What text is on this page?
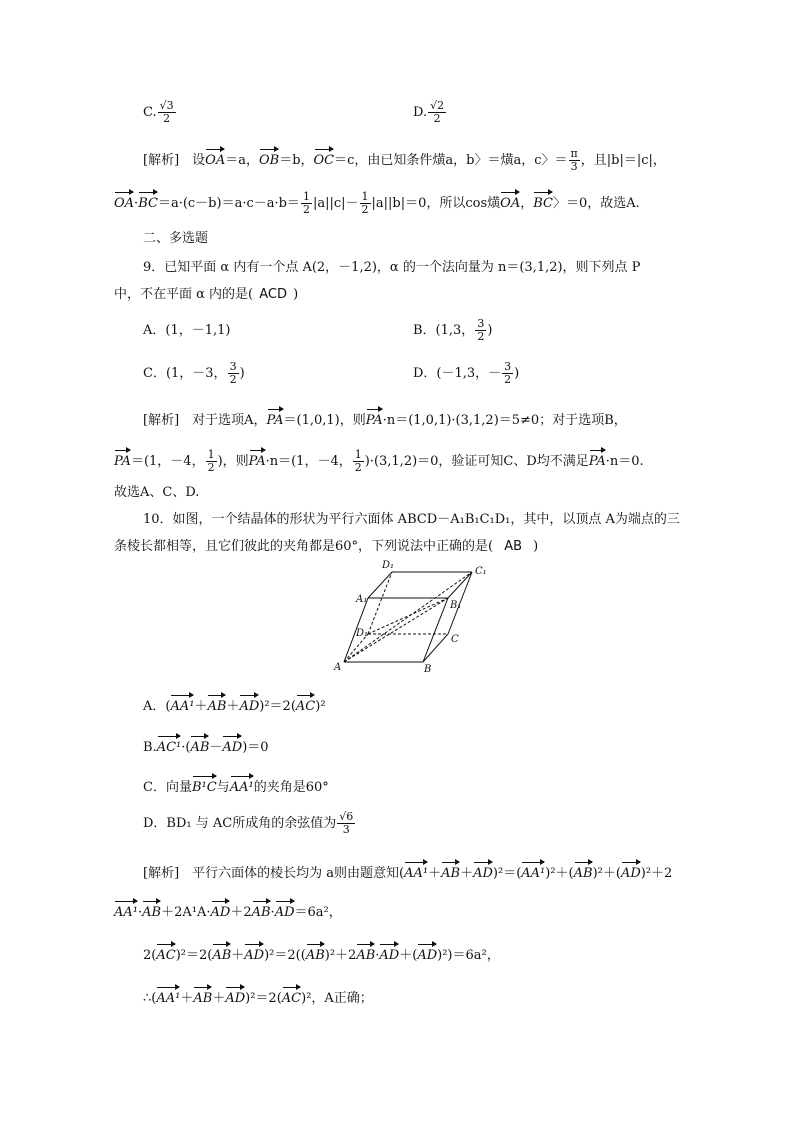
C. $\frac{√3}{2}$	D. $\frac{√2}{2}$
[解析]　设OA＝a，OB＝b，OC＝c，由已知条件熿a，b〉＝熿a，c〉＝ $\frac{\pi}{3}$ ，且|b|＝|c|，
$OA\cdot BC=a\cdot(c-b)=a\cdot c-a\cdot b= \frac{1}{2} |a||c|- \frac{1}{2} |a||b|=0$，所以cos熿OA，BC〉＝0，故选A.
二、多选题
9．已知平面 α 内有一个点 A(2，－1,2)，α 的一个法向量为 n＝(3,1,2)，则下列点 P
中，不在平面 α 内的是( ACD )
A．(1，－1,1)	B．(1,3， $\frac{3}{2}$ )
C．(1，－3， $\frac{3}{2}$ )	D．(－1,3，－ $\frac{3}{2}$ )
[解析]　对于选项A，PA＝(1,0,1)，则PA·n＝(1,0,1)·(3,1,2)＝5≠0；对于选项B，
PA＝(1，－4， $\frac{1}{2}$ )，则PA·n＝(1，－4， $\frac{1}{2} )\cdot(3,1,2)=0$，验证可知C、D均不满足PA·n＝0.
故选A、C、D.
10．如图，一个结晶体的形状为平行六面体 ABCD－A₁B₁C₁D₁，其中，以顶点 A为端点的三
条棱长都相等，且它们彼此的夹角都是60°，下列说法中正确的是( AB )
A	B
C
D₁
A₁
B₁
C₁
D₁
A．(AA¹＋AB＋AD)²＝2(AC)²
B.AC¹·(AB－AD)＝0
C．向量B¹C与AA¹的夹角是60°
D．BD₁ 与 AC所成角的余弦值为 $\frac{√6}{3}$
[解析]　平行六面体的棱长均为 a则由题意知(AA¹＋AB＋AD)²＝(AA¹)²＋(AB)²＋(AD)²＋2
AA¹·AB＋2A¹A·AD＋2AB·AD＝6a²，
2(AC)²＝2(AB＋AD)²＝2((AB)²＋2AB·AD＋(AD)²)＝6a²，
∴(AA¹＋AB＋AD)²＝2(AC)²，A正确；
